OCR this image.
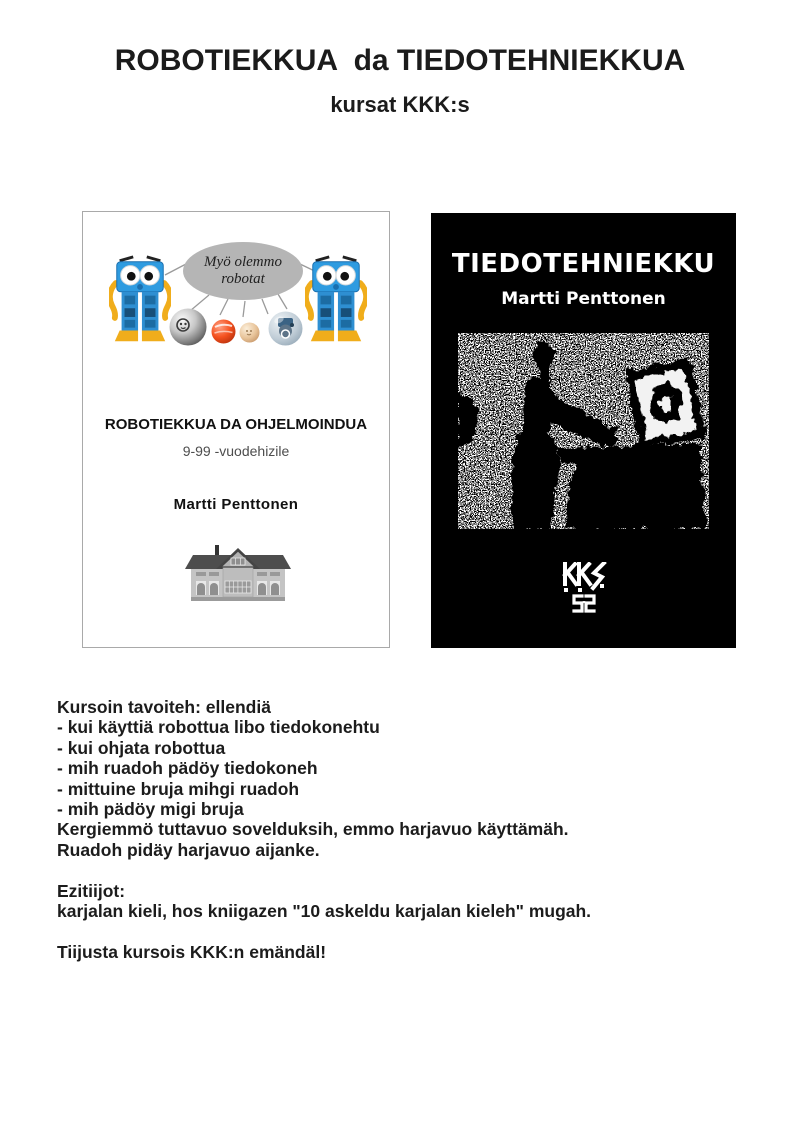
ROBOTIEKKUA  da TIEDOTEHNIEKKUA
kursat KKK:s
Myö olemmo
robotat
ROBOTIEKKUA DA OHJELMOINDUA
9-99 -vuodehizile
Martti Penttonen
TIEDOTEHNIEKKU
Martti Penttonen
Kursoin tavoiteh: ellendiä
- kui käyttiä robottua libo tiedokonehtu
- kui ohjata robottua
- mih ruadoh pädöy tiedokoneh
- mittuine bruja mihgi ruadoh
- mih pädöy migi bruja
Kergiemmö tuttavuo sovelduksih, emmo harjavuo käyttämäh.
Ruadoh pidäy harjavuo aijanke.
Ezitiijot:
karjalan kieli, hos kniigazen "10 askeldu karjalan kieleh" mugah.
Tiijusta kursois KKK:n emändäl!
